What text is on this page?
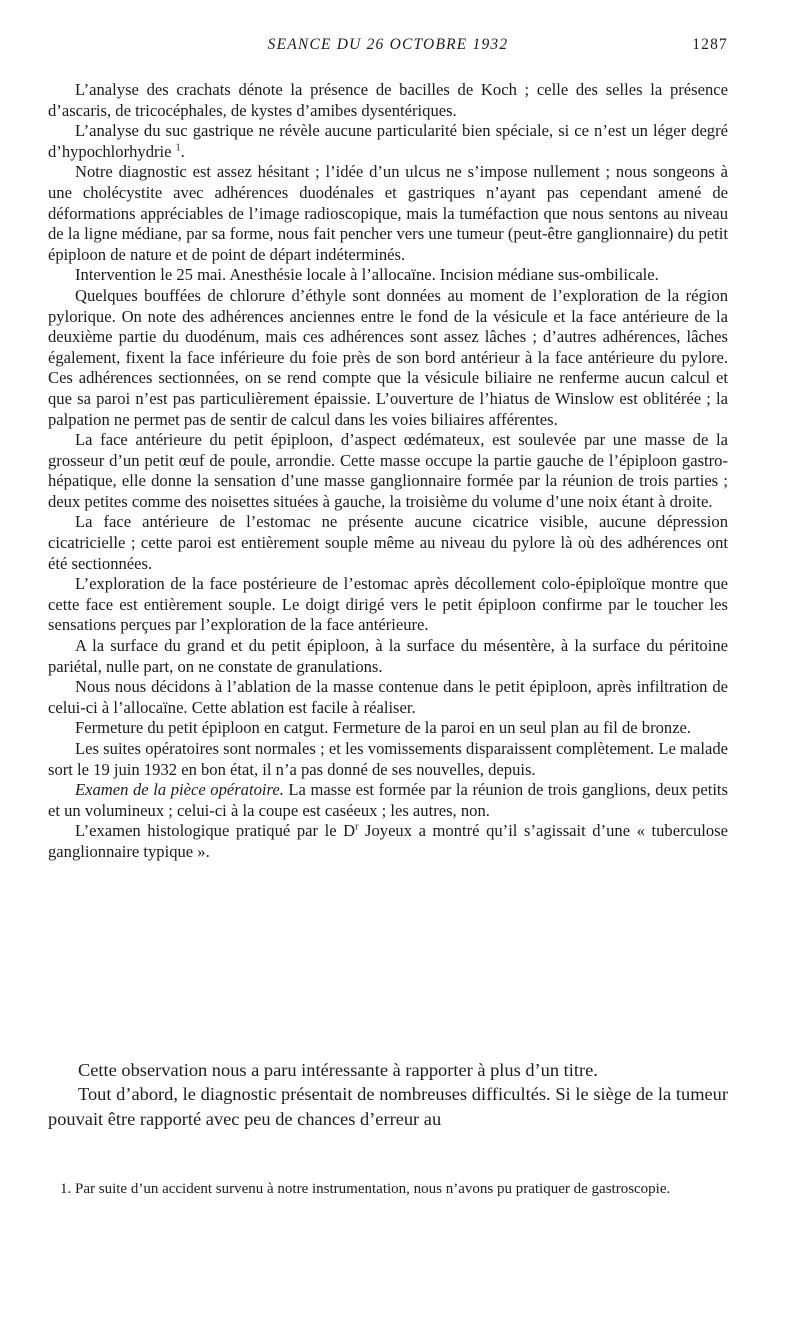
SEANCE DU 26 OCTOBRE 1932	1287

L’analyse des crachats dénote la présence de bacilles de Koch ; celle des selles la présence d’ascaris, de tricocéphales, de kystes d’amibes dysentériques.

L’analyse du suc gastrique ne révèle aucune particularité bien spéciale, si ce n’est un léger degré d’hypochlorhydrie $^1$.

Notre diagnostic est assez hésitant ; l’idée d’un ulcus ne s’impose nullement ; nous songeons à une cholécystite avec adhérences duodénales et gastriques n’ayant pas cependant amené de déformations appréciables de l’image radioscopique, mais la tuméfaction que nous sentons au niveau de la ligne médiane, par sa forme, nous fait pencher vers une tumeur (peut-être ganglionnaire) du petit épiploon de nature et de point de départ indéterminés.

Intervention le 25 mai. Anesthésie locale à l’allocaïne. Incision médiane sus-ombilicale.

Quelques bouffées de chlorure d’éthyle sont données au moment de l’exploration de la région pylorique. On note des adhérences anciennes entre le fond de la vésicule et la face antérieure de la deuxième partie du duodénum, mais ces adhérences sont assez lâches ; d’autres adhérences, lâches également, fixent la face inférieure du foie près de son bord antérieur à la face antérieure du pylore. Ces adhérences sectionnées, on se rend compte que la vésicule biliaire ne renferme aucun calcul et que sa paroi n’est pas particulièrement épaissie. L’ouverture de l’hiatus de Winslow est oblitérée ; la palpation ne permet pas de sentir de calcul dans les voies biliaires afférentes.

La face antérieure du petit épiploon, d’aspect œdémateux, est soulevée par une masse de la grosseur d’un petit œuf de poule, arrondie. Cette masse occupe la partie gauche de l’épiploon gastro-hépatique, elle donne la sensation d’une masse ganglionnaire formée par la réunion de trois parties ; deux petites comme des noisettes situées à gauche, la troisième du volume d’une noix étant à droite.

La face antérieure de l’estomac ne présente aucune cicatrice visible, aucune dépression cicatricielle ; cette paroi est entièrement souple même au niveau du pylore là où des adhérences ont été sectionnées.

L’exploration de la face postérieure de l’estomac après décollement colo-épiploïque montre que cette face est entièrement souple. Le doigt dirigé vers le petit épiploon confirme par le toucher les sensations perçues par l’exploration de la face antérieure.

A la surface du grand et du petit épiploon, à la surface du mésentère, à la surface du péritoine pariétal, nulle part, on ne constate de granulations.

Nous nous décidons à l’ablation de la masse contenue dans le petit épiploon, après infiltration de celui-ci à l’allocaïne. Cette ablation est facile à réaliser.

Fermeture du petit épiploon en catgut. Fermeture de la paroi en un seul plan au fil de bronze.

Les suites opératoires sont normales ; et les vomissements disparaissent complètement. Le malade sort le 19 juin 1932 en bon état, il n’a pas donné de ses nouvelles, depuis.

Examen de la pièce opératoire. La masse est formée par la réunion de trois ganglions, deux petits et un volumineux ; celui-ci à la coupe est caséeux ; les autres, non.

L’examen histologique pratiqué par le $D^r$ Joyeux a montré qu’il s’agissait d’une « tuberculose ganglionnaire typique ».

Cette observation nous a paru intéressante à rapporter à plus d’un titre.

Tout d’abord, le diagnostic présentait de nombreuses difficultés. Si le siège de la tumeur pouvait être rapporté avec peu de chances d’erreur au

1. Par suite d’un accident survenu à notre instrumentation, nous n’avons pu pratiquer de gastroscopie.
